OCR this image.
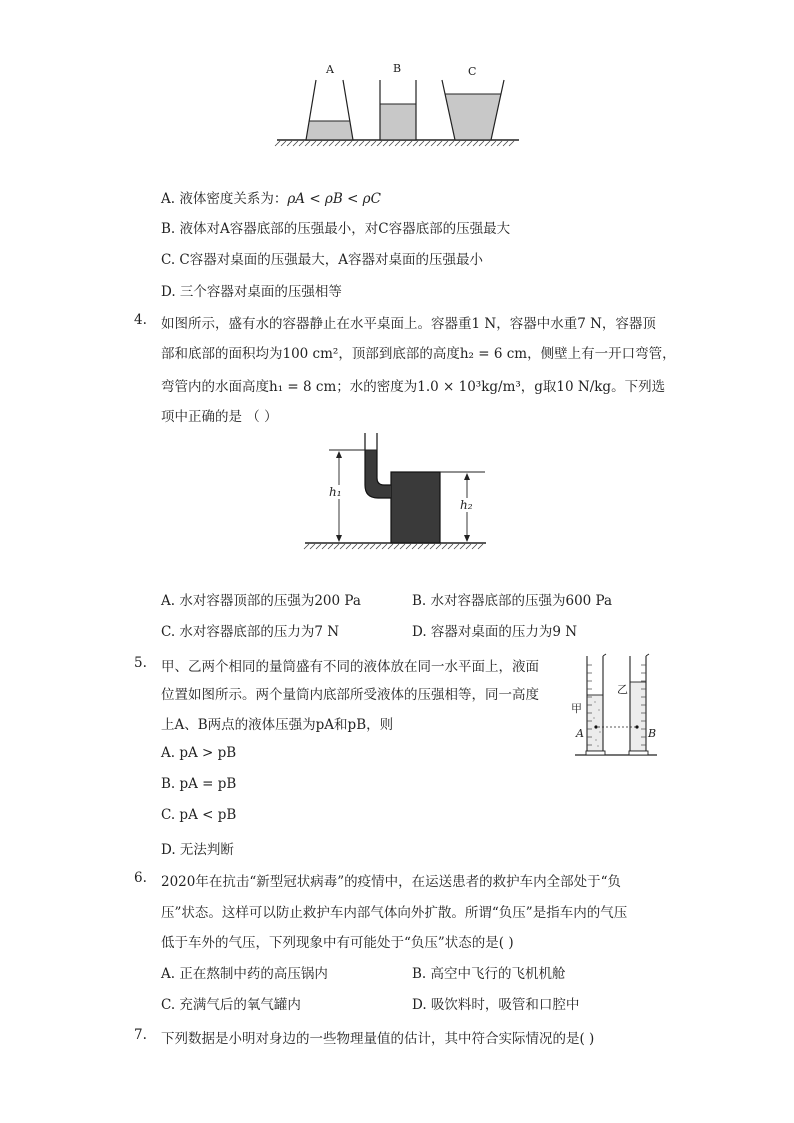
A	B	C
A. 液体密度关系为：ρA < ρB < ρC
B. 液体对A容器底部的压强最小，对C容器底部的压强最大
C. C容器对桌面的压强最大，A容器对桌面的压强最小
D. 三个容器对桌面的压强相等
4. 如图所示，盛有水的容器静止在水平桌面上。容器重1 N，容器中水重7 N，容器顶
部和底部的面积均为100 cm²，顶部到底部的高度h₂ = 6 cm，侧壁上有一开口弯管，
弯管内的水面高度h₁ = 8 cm；水的密度为1.0 × 10³kg/m³，g取10 N/kg。下列选
项中正确的是 （ ）
h₁
h₂
A. 水对容器顶部的压强为200 Pa	B. 水对容器底部的压强为600 Pa
C. 水对容器底部的压力为7 N	D. 容器对桌面的压力为9 N
5. 甲、乙两个相同的量筒盛有不同的液体放在同一水平面上，液面
位置如图所示。两个量筒内底部所受液体的压强相等，同一高度
上A、B两点的液体压强为pA和pB，则
A. pA > pB
B. pA = pB
C. pA < pB
D. 无法判断
甲
乙
A	B
6. 2020年在抗击“新型冠状病毒”的疫情中，在运送患者的救护车内全部处于“负
压”状态。这样可以防止救护车内部气体向外扩散。所谓“负压”是指车内的气压
低于车外的气压，下列现象中有可能处于“负压”状态的是( )
A. 正在熬制中药的高压锅内	B. 高空中飞行的飞机机舱
C. 充满气后的氧气罐内	D. 吸饮料时，吸管和口腔中
7. 下列数据是小明对身边的一些物理量值的估计，其中符合实际情况的是( )
